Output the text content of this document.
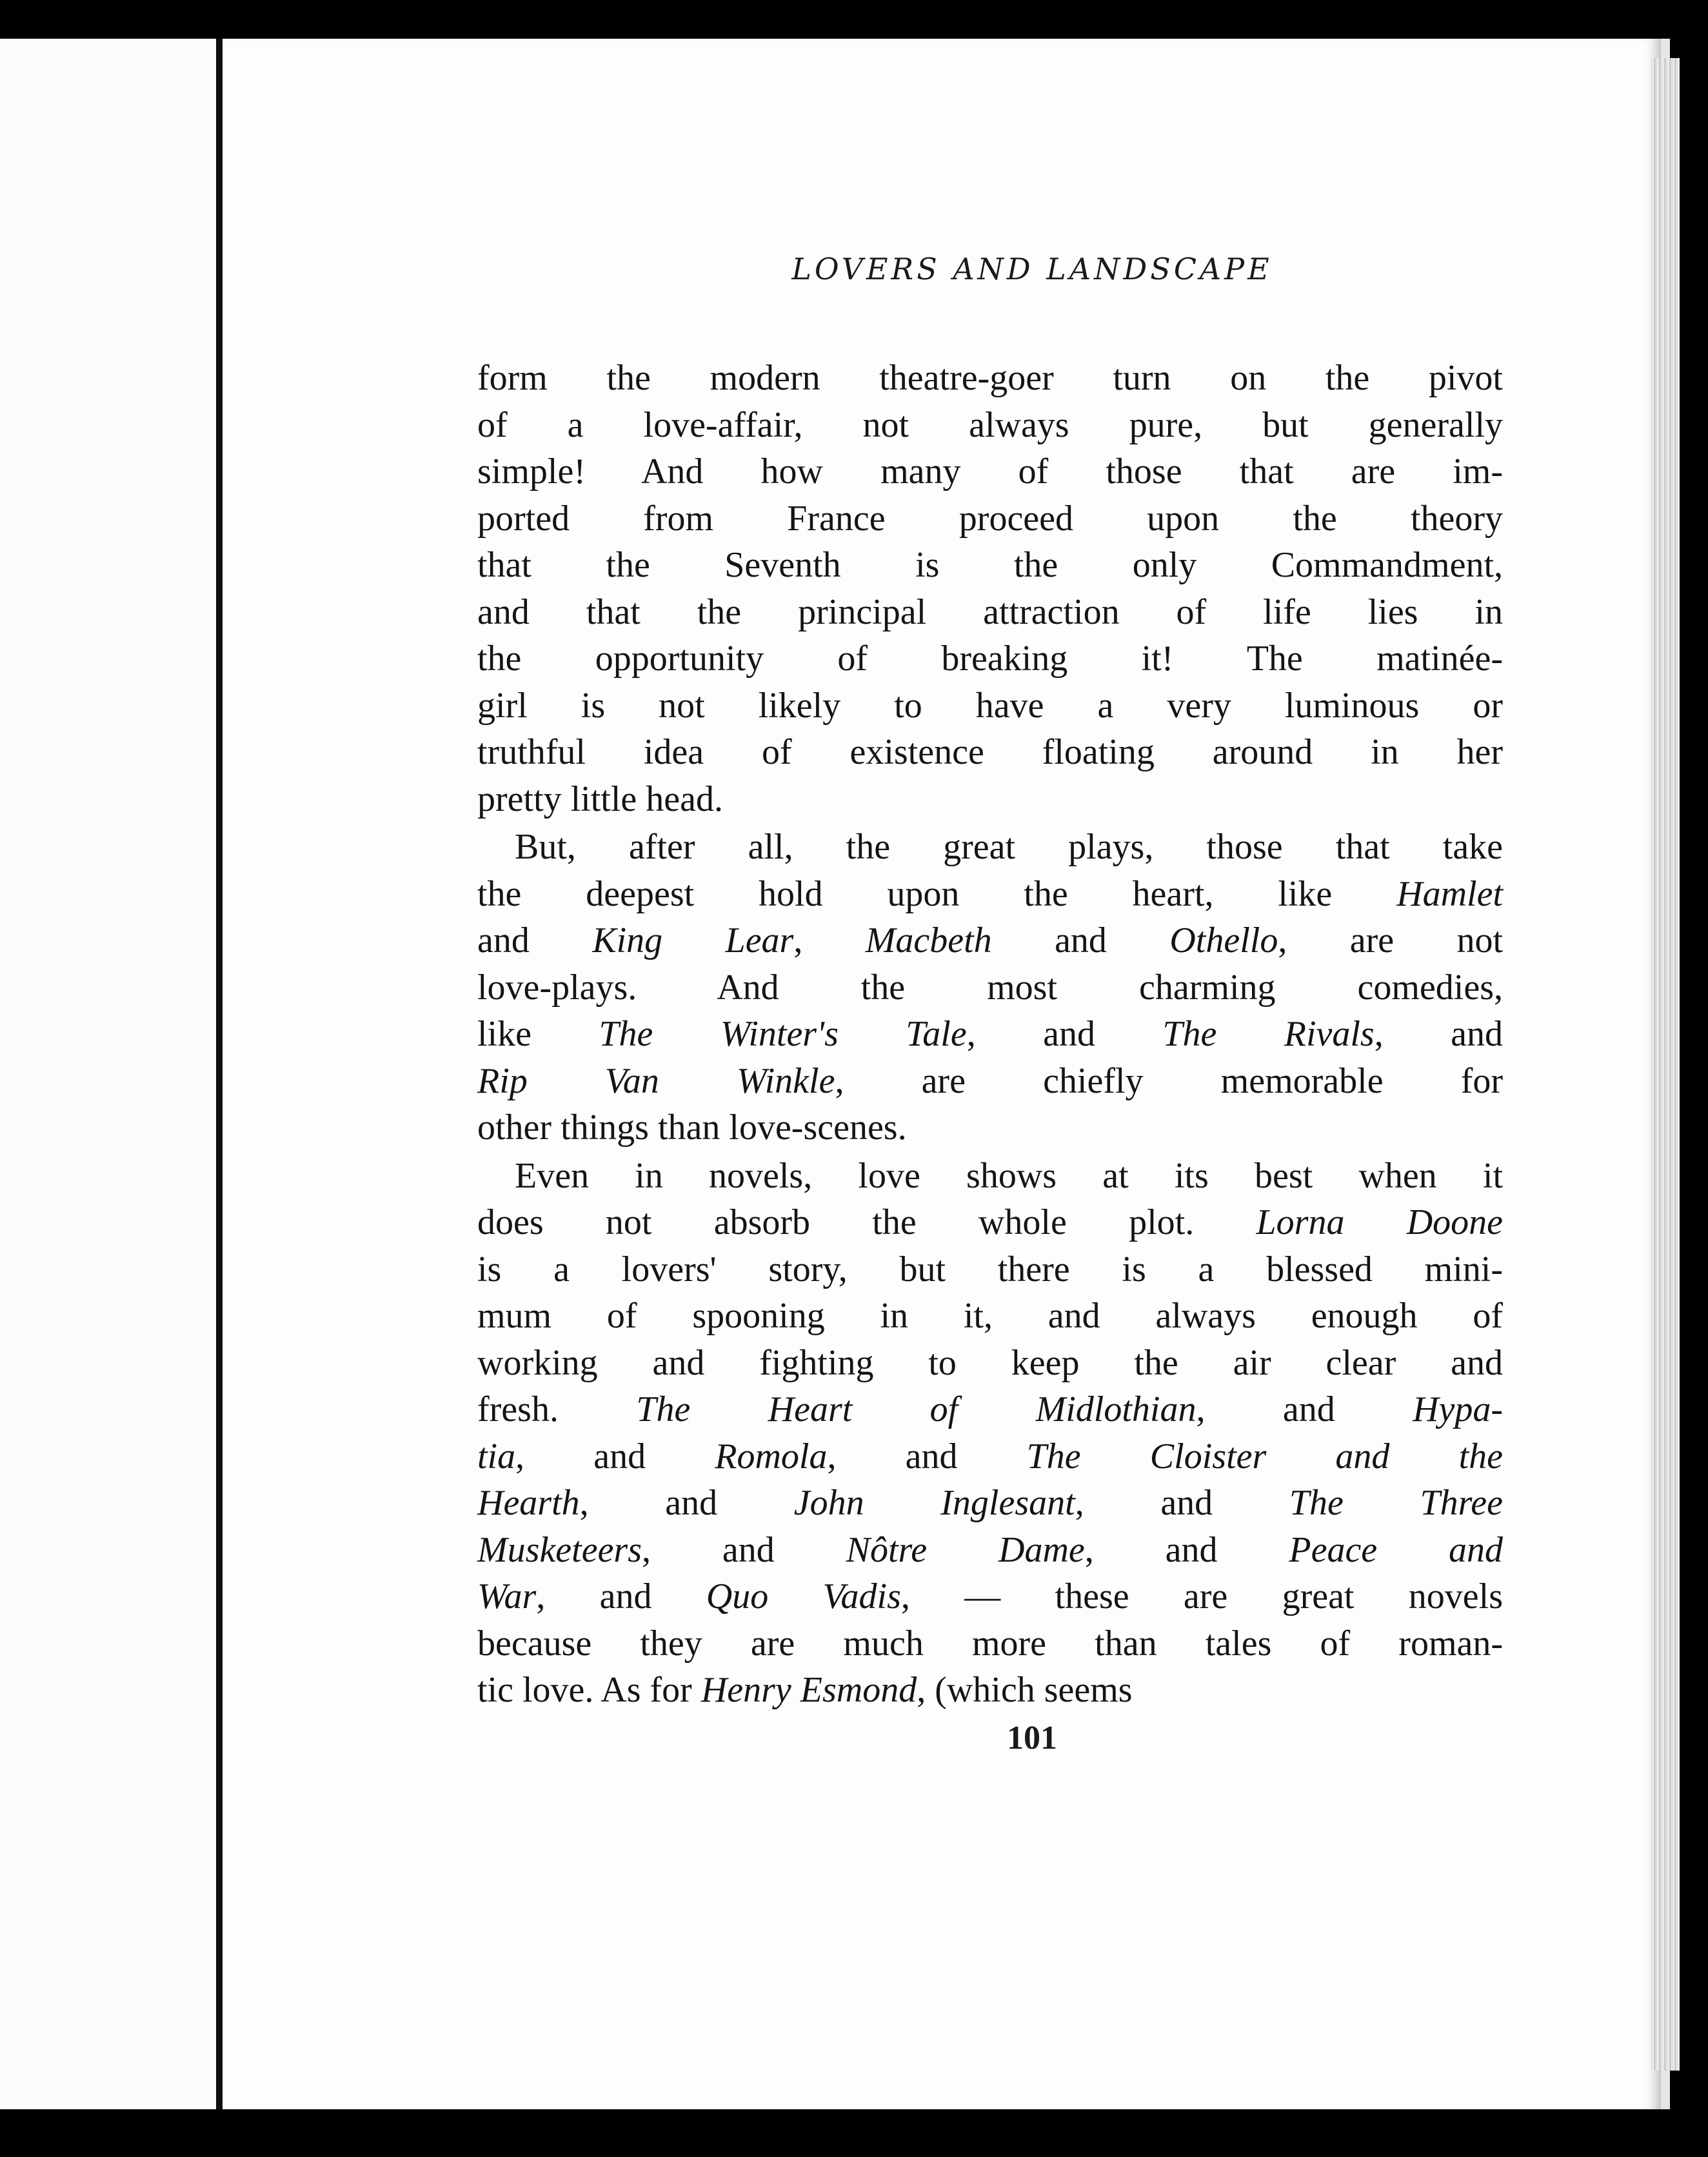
LOVERS AND LANDSCAPE
form the modern theatre-goer turn on the pivot
of a love-affair, not always pure, but generally
simple! And how many of those that are im-
ported from France proceed upon the theory
that the Seventh is the only Commandment,
and that the principal attraction of life lies in
the opportunity of breaking it! The matinée-
girl is not likely to have a very luminous or
truthful idea of existence floating around in her
pretty little head.
But, after all, the great plays, those that take
the deepest hold upon the heart, like Hamlet
and King Lear, Macbeth and Othello, are not
love-plays. And the most charming comedies,
like The Winter's Tale, and The Rivals, and
Rip Van Winkle, are chiefly memorable for
other things than love-scenes.
Even in novels, love shows at its best when it
does not absorb the whole plot. Lorna Doone
is a lovers' story, but there is a blessed mini-
mum of spooning in it, and always enough of
working and fighting to keep the air clear and
fresh. The Heart of Midlothian, and Hypa-
tia, and Romola, and The Cloister and the
Hearth, and John Inglesant, and The Three
Musketeers, and Nôtre Dame, and Peace and
War, and Quo Vadis, — these are great novels
because they are much more than tales of roman-
tic love. As for Henry Esmond, (which seems
101
